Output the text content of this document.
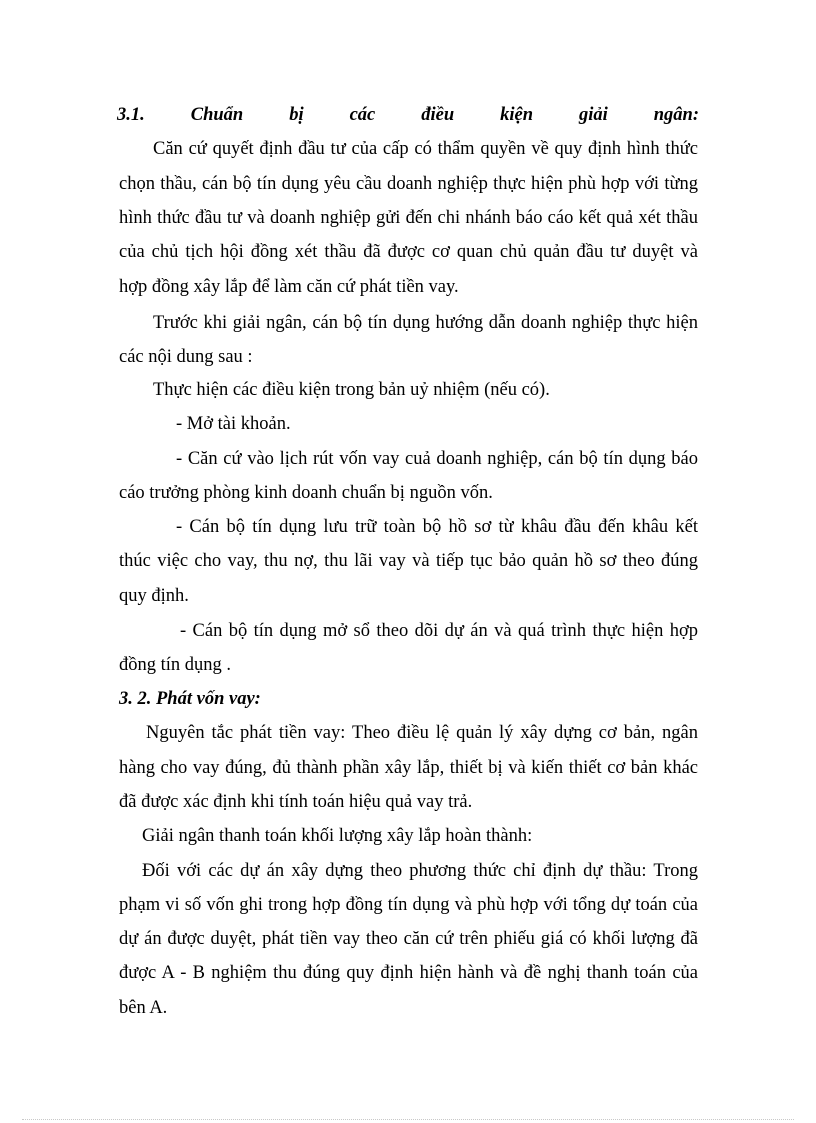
3.1. Chuẩn bị các điều kiện giải ngân:
Căn cứ quyết định đầu tư của cấp có thẩm quyền về quy định hình thức
chọn thầu, cán bộ tín dụng yêu cầu doanh nghiệp thực hiện phù hợp với từng
hình thức đầu tư và doanh nghiệp gửi đến chi nhánh báo cáo kết quả xét thầu
của chủ tịch hội đồng xét thầu đã được cơ quan chủ quản đầu tư duyệt và
hợp đồng xây lắp để làm căn cứ phát tiền vay.
Trước khi giải ngân, cán bộ tín dụng hướng dẫn doanh nghiệp thực hiện
các nội dung sau :
Thực hiện các điều kiện trong bản uỷ nhiệm (nếu có).
- Mở tài khoản.
- Căn cứ vào lịch rút vốn vay cuả doanh nghiệp, cán bộ tín dụng báo
cáo trưởng phòng kinh doanh chuẩn bị nguồn vốn.
- Cán bộ tín dụng lưu trữ toàn bộ hồ sơ từ khâu đầu đến khâu kết
thúc việc cho vay, thu nợ, thu lãi vay và tiếp tục bảo quản hồ sơ theo đúng
quy định.
- Cán bộ tín dụng mở sổ theo dõi dự án và quá trình thực hiện hợp
đồng tín dụng .
3. 2. Phát vốn vay:
Nguyên tắc phát tiền vay: Theo điều lệ quản lý xây dựng cơ bản, ngân
hàng cho vay đúng, đủ thành phần xây lắp, thiết bị và kiến thiết cơ bản khác
đã được xác định khi tính toán hiệu quả vay trả.
Giải ngân thanh toán khối lượng xây lắp hoàn thành:
Đối với các dự án xây dựng theo phương thức chỉ định dự thầu: Trong
phạm vi số vốn ghi trong hợp đồng tín dụng và phù hợp với tổng dự toán của
dự án được duyệt, phát tiền vay theo căn cứ trên phiếu giá có khối lượng đã
được A - B nghiệm thu đúng quy định hiện hành và đề nghị thanh toán của
bên A.
